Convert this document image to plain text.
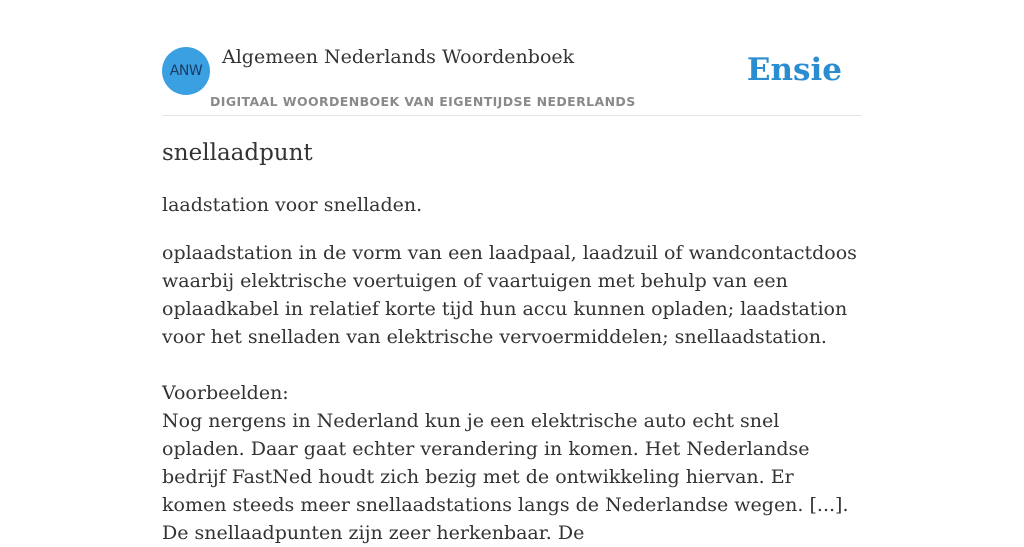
ANW
Algemeen Nederlands Woordenboek
DIGITAAL WOORDENBOEK VAN EIGENTIJDSE NEDERLANDS
Ensie
snellaadpunt
laadstation voor snelladen.

oplaadstation in de vorm van een laadpaal, laadzuil of wandcontactdoos waarbij elektrische voertuigen of vaartuigen met behulp van een oplaadkabel in relatief korte tijd hun accu kunnen opladen; laadstation voor het snelladen van elektrische vervoermiddelen; snellaadstation.

Voorbeelden:

Nog nergens in Nederland kun je een elektrische auto echt snel opladen. Daar gaat echter verandering in komen. Het Nederlandse bedrijf FastNed houdt zich bezig met de ontwikkeling hiervan. Er komen steeds meer snellaadstations langs de Nederlandse wegen. [...]. De snellaadpunten zijn zeer herkenbaar. De
